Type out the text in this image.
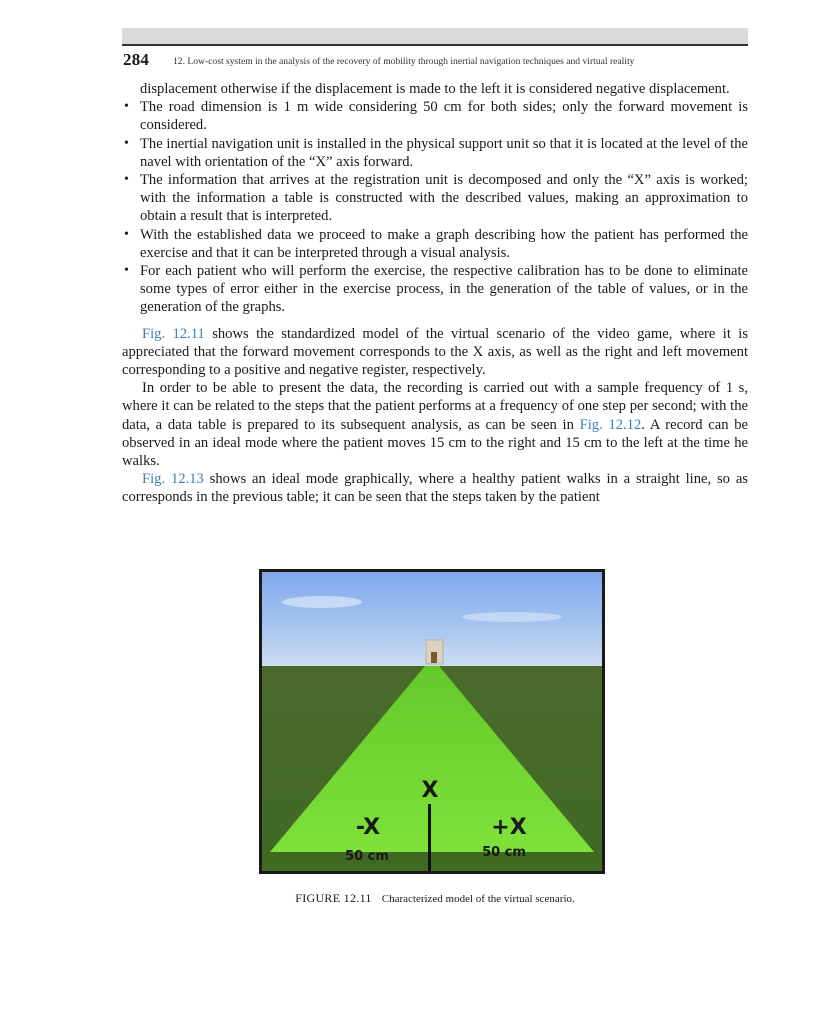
284 12. Low-cost system in the analysis of the recovery of mobility through inertial navigation techniques and virtual reality
displacement otherwise if the displacement is made to the left it is considered negative displacement.
• The road dimension is 1 m wide considering 50 cm for both sides; only the forward movement is considered.
• The inertial navigation unit is installed in the physical support unit so that it is located at the level of the navel with orientation of the “X” axis forward.
• The information that arrives at the registration unit is decomposed and only the “X” axis is worked; with the information a table is constructed with the described values, making an approximation to obtain a result that is interpreted.
• With the established data we proceed to make a graph describing how the patient has performed the exercise and that it can be interpreted through a visual analysis.
• For each patient who will perform the exercise, the respective calibration has to be done to eliminate some types of error either in the exercise process, in the generation of the table of values, or in the generation of the graphs.

Fig. 12.11 shows the standardized model of the virtual scenario of the video game, where it is appreciated that the forward movement corresponds to the X axis, as well as the right and left movement corresponding to a positive and negative register, respectively.

In order to be able to present the data, the recording is carried out with a sample frequency of 1 s, where it can be related to the steps that the patient performs at a frequency of one step per second; with the data, a data table is prepared to its subsequent analysis, as can be seen in Fig. 12.12. A record can be observed in an ideal mode where the patient moves 15 cm to the right and 15 cm to the left at the time he walks.

Fig. 12.13 shows an ideal mode graphically, where a healthy patient walks in a straight line, so as corresponds in the previous table; it can be seen that the steps taken by the patient

X
-X	+X
50 cm	50 cm
FIGURE 12.11 Characterized model of the virtual scenario.
